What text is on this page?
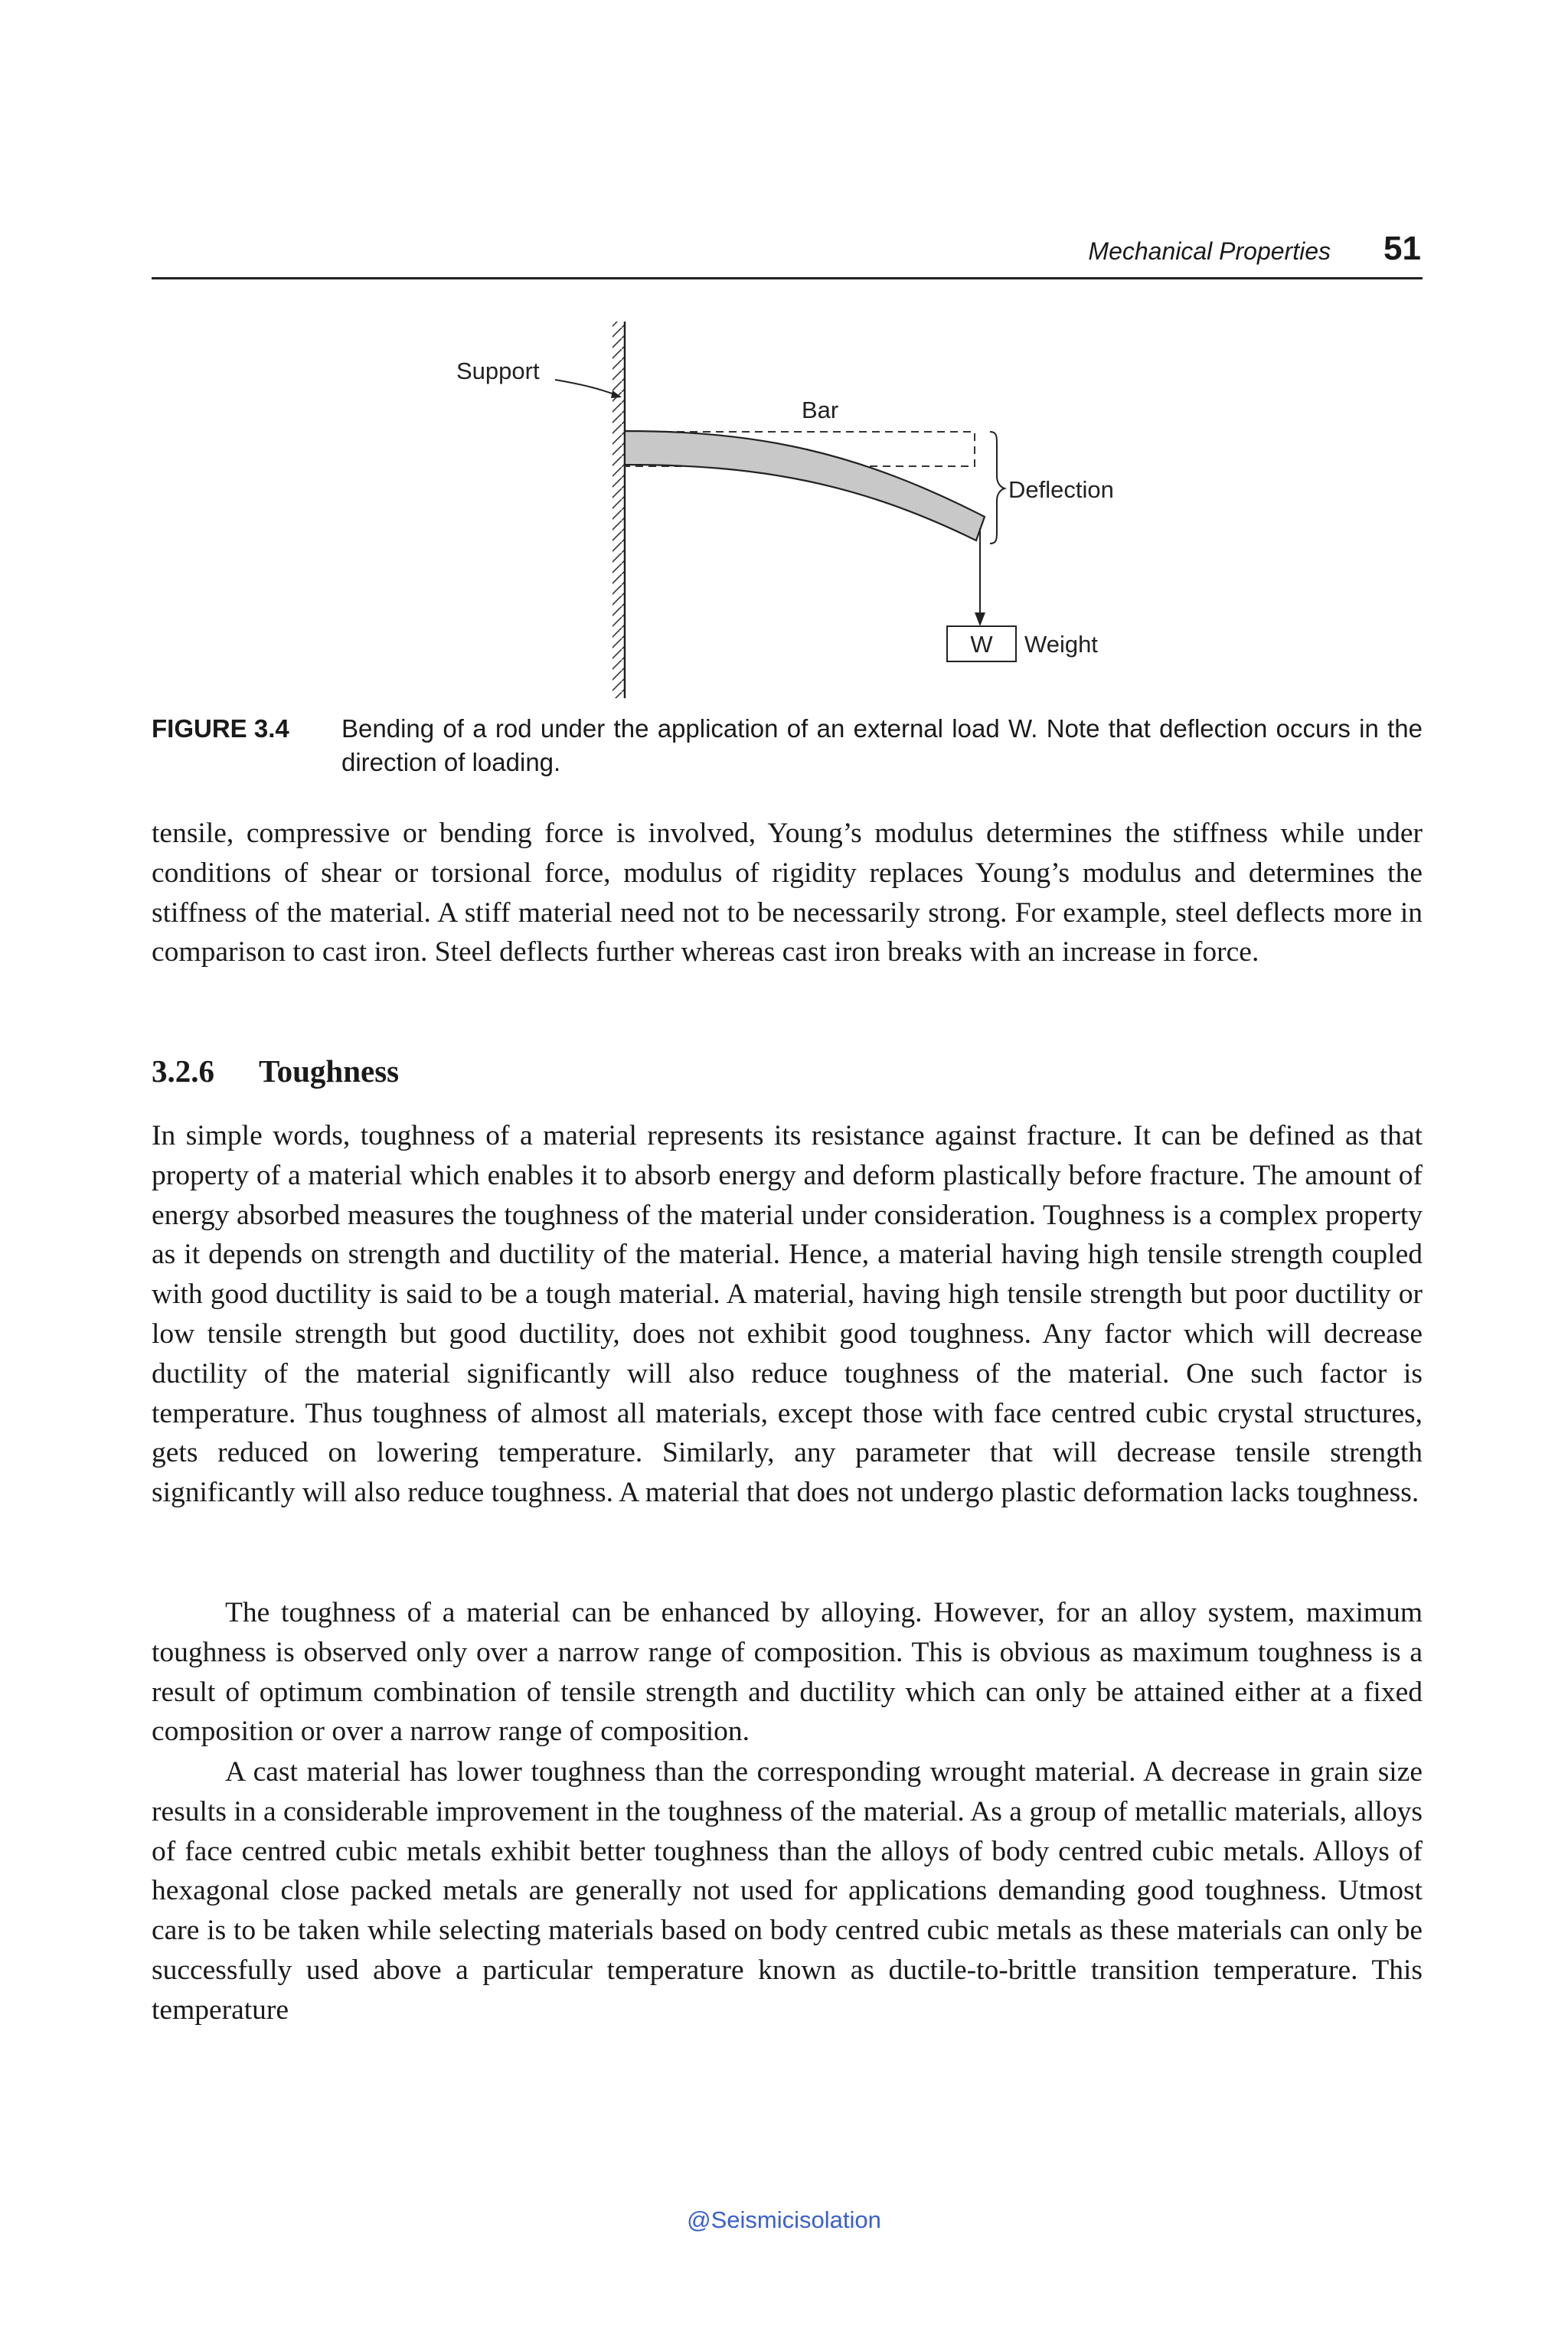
Mechanical Properties 51
Support
Bar
Deflection
W Weight
FIGURE 3.4 Bending of a rod under the application of an external load W. Note that deflection occurs in the direction of loading.

tensile, compressive or bending force is involved, Young’s modulus determines the stiffness while under conditions of shear or torsional force, modulus of rigidity replaces Young’s modulus and determines the stiffness of the material. A stiff material need not to be necessarily strong. For example, steel deflects more in comparison to cast iron. Steel deflects further whereas cast iron breaks with an increase in force.

3.2.6 Toughness

In simple words, toughness of a material represents its resistance against fracture. It can be defined as that property of a material which enables it to absorb energy and deform plastically before fracture. The amount of energy absorbed measures the toughness of the material under consideration. Toughness is a complex property as it depends on strength and ductility of the material. Hence, a material having high tensile strength coupled with good ductility is said to be a tough material. A material, having high tensile strength but poor ductility or low tensile strength but good ductility, does not exhibit good toughness. Any factor which will decrease ductility of the material significantly will also reduce toughness of the material. One such factor is temperature. Thus toughness of almost all materials, except those with face centred cubic crystal structures, gets reduced on lowering temperature. Similarly, any parameter that will decrease tensile strength significantly will also reduce toughness. A material that does not undergo plastic deformation lacks toughness.

The toughness of a material can be enhanced by alloying. However, for an alloy system, maximum toughness is observed only over a narrow range of composition. This is obvious as maximum toughness is a result of optimum combination of tensile strength and ductility which can only be attained either at a fixed composition or over a narrow range of composition.

A cast material has lower toughness than the corresponding wrought material. A decrease in grain size results in a considerable improvement in the toughness of the material. As a group of metallic materials, alloys of face centred cubic metals exhibit better toughness than the alloys of body centred cubic metals. Alloys of hexagonal close packed metals are generally not used for applications demanding good toughness. Utmost care is to be taken while selecting materials based on body centred cubic metals as these materials can only be successfully used above a particular temperature known as ductile-to-brittle transition temperature. This temperature

@Seismicisolation
